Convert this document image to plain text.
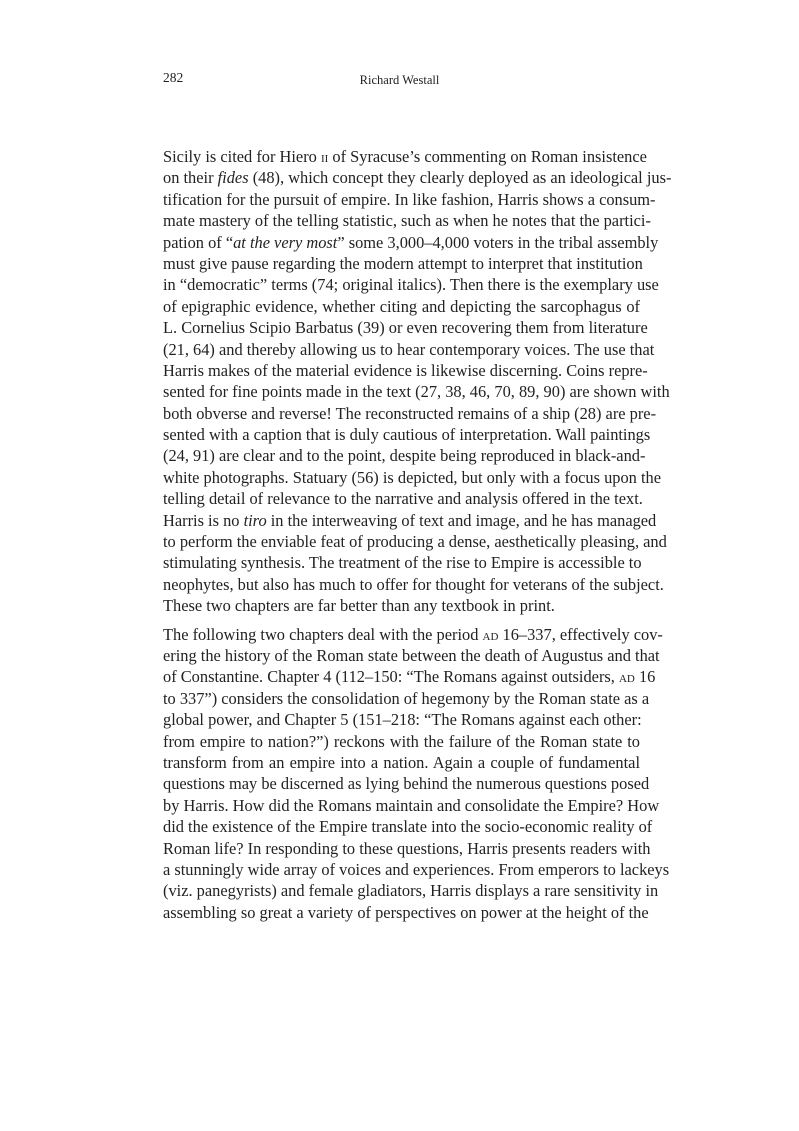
282	Richard Westall
Sicily is cited for Hiero ii of Syracuse’s commenting on Roman insistence
on their fides (48), which concept they clearly deployed as an ideological jus-
tification for the pursuit of empire. In like fashion, Harris shows a consum-
mate mastery of the telling statistic, such as when he notes that the partici-
pation of “at the very most” some 3,000–4,000 voters in the tribal assembly
must give pause regarding the modern attempt to interpret that institution
in “democratic” terms (74; original italics). Then there is the exemplary use
of epigraphic evidence, whether citing and depicting the sarcophagus of
L. Cornelius Scipio Barbatus (39) or even recovering them from literature
(21, 64) and thereby allowing us to hear contemporary voices. The use that
Harris makes of the material evidence is likewise discerning. Coins repre-
sented for fine points made in the text (27, 38, 46, 70, 89, 90) are shown with
both obverse and reverse! The reconstructed remains of a ship (28) are pre-
sented with a caption that is duly cautious of interpretation. Wall paintings
(24, 91) are clear and to the point, despite being reproduced in black-and-
white photographs. Statuary (56) is depicted, but only with a focus upon the
telling detail of relevance to the narrative and analysis offered in the text.
Harris is no tiro in the interweaving of text and image, and he has managed
to perform the enviable feat of producing a dense, aesthetically pleasing, and
stimulating synthesis. The treatment of the rise to Empire is accessible to
neophytes, but also has much to offer for thought for veterans of the subject.
These two chapters are far better than any textbook in print.
The following two chapters deal with the period ad 16–337, effectively cov-
ering the history of the Roman state between the death of Augustus and that
of Constantine. Chapter 4 (112–150: “The Romans against outsiders, ad 16
to 337”) considers the consolidation of hegemony by the Roman state as a
global power, and Chapter 5 (151–218: “The Romans against each other:
from empire to nation?”) reckons with the failure of the Roman state to
transform from an empire into a nation. Again a couple of fundamental
questions may be discerned as lying behind the numerous questions posed
by Harris. How did the Romans maintain and consolidate the Empire? How
did the existence of the Empire translate into the socio-economic reality of
Roman life? In responding to these questions, Harris presents readers with
a stunningly wide array of voices and experiences. From emperors to lackeys
(viz. panegyrists) and female gladiators, Harris displays a rare sensitivity in
assembling so great a variety of perspectives on power at the height of the
